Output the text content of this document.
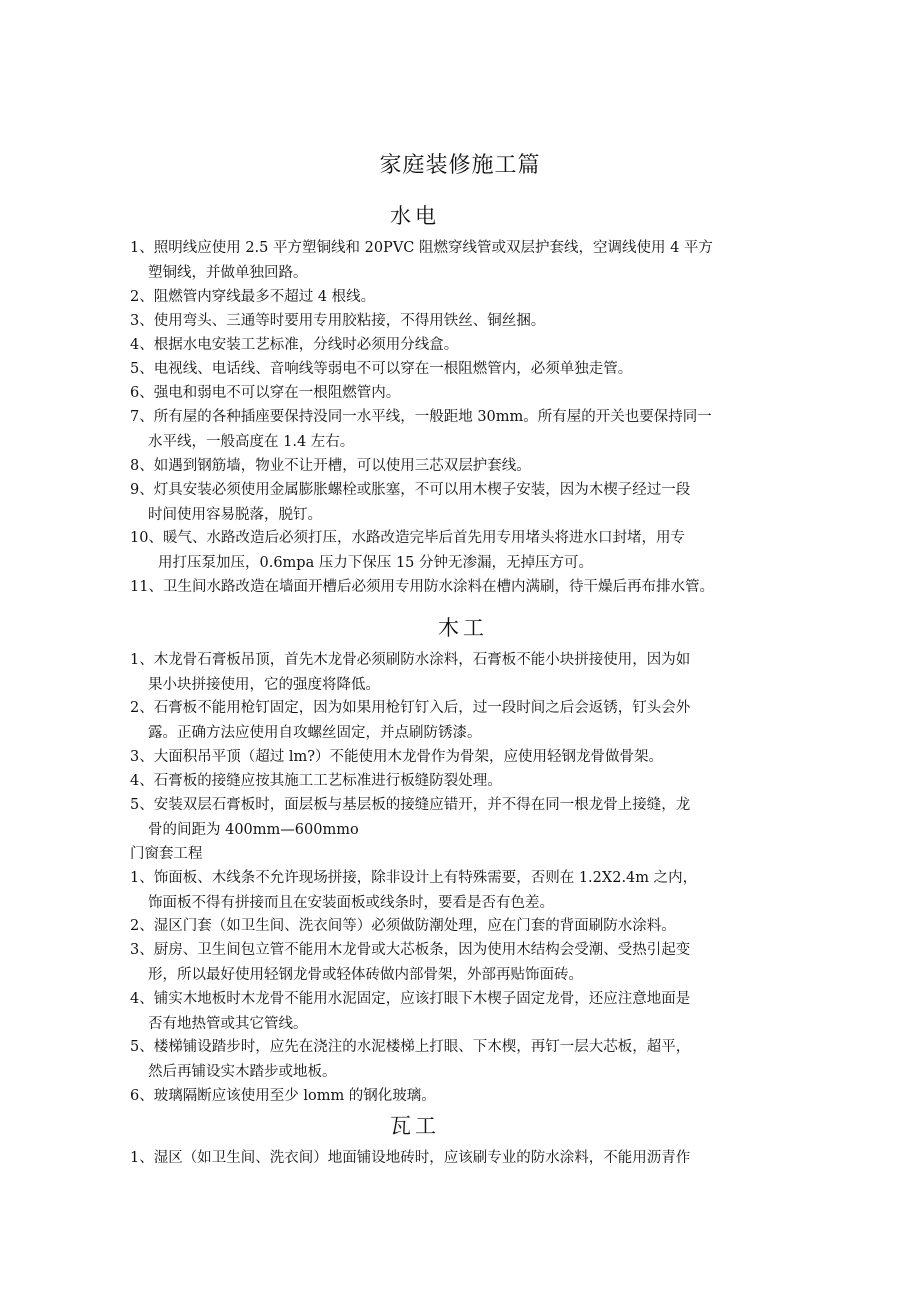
家庭装修施工篇
水电
1、照明线应使用 2.5 平方塑铜线和 20PVC 阻燃穿线管或双层护套线，空调线使用 4 平方
塑铜线，并做单独回路。
2、阻燃管内穿线最多不超过 4 根线。
3、使用弯头、三通等时要用专用胶粘接，不得用铁丝、铜丝捆。
4、根据水电安装工艺标准，分线时必须用分线盒。
5、电视线、电话线、音响线等弱电不可以穿在一根阻燃管内，必须单独走管。
6、强电和弱电不可以穿在一根阻燃管内。
7、所有屋的各种插座要保持没同一水平线，一般距地 30mm。所有屋的开关也要保持同一
水平线，一般高度在 1.4 左右。
8、如遇到钢筋墙，物业不让开槽，可以使用三芯双层护套线。
9、灯具安装必须使用金属膨胀螺栓或胀塞，不可以用木楔子安装，因为木楔子经过一段
时间使用容易脱落，脱钉。
10、暖气、水路改造后必须打压，水路改造完毕后首先用专用堵头将进水口封堵，用专
用打压泵加压，0.6mpa 压力下保压 15 分钟无渗漏，无掉压方可。
11、卫生间水路改造在墙面开槽后必须用专用防水涂料在槽内满刷，待干燥后再布排水管。
木工
1、木龙骨石膏板吊顶，首先木龙骨必须刷防水涂料，石膏板不能小块拼接使用，因为如
果小块拼接使用，它的强度将降低。
2、石膏板不能用枪钉固定，因为如果用枪钉钉入后，过一段时间之后会返锈，钉头会外
露。正确方法应使用自攻螺丝固定，并点刷防锈漆。
3、大面积吊平顶（超过 lm?）不能使用木龙骨作为骨架，应使用轻钢龙骨做骨架。
4、石膏板的接缝应按其施工工艺标准进行板缝防裂处理。
5、安装双层石膏板时，面层板与基层板的接缝应错开，并不得在同一根龙骨上接缝，龙
骨的间距为 400mm—600mmo
门窗套工程
1、饰面板、木线条不允许现场拼接，除非设计上有特殊需要，否则在 1.2X2.4m 之内，
饰面板不得有拼接而且在安装面板或线条时，要看是否有色差。
2、湿区门套（如卫生间、洗衣间等）必须做防潮处理，应在门套的背面刷防水涂料。
3、厨房、卫生间包立管不能用木龙骨或大芯板条，因为使用木结构会受潮、受热引起变
形，所以最好使用轻钢龙骨或轻体砖做内部骨架，外部再贴饰面砖。
4、铺实木地板时木龙骨不能用水泥固定，应该打眼下木楔子固定龙骨，还应注意地面是
否有地热管或其它管线。
5、楼梯铺设踏步时，应先在浇注的水泥楼梯上打眼、下木楔，再钉一层大芯板，超平，
然后再铺设实木踏步或地板。
6、玻璃隔断应该使用至少 lomm 的钢化玻璃。
瓦工
1、湿区（如卫生间、洗衣间）地面铺设地砖时，应该刷专业的防水涂料，不能用沥青作
